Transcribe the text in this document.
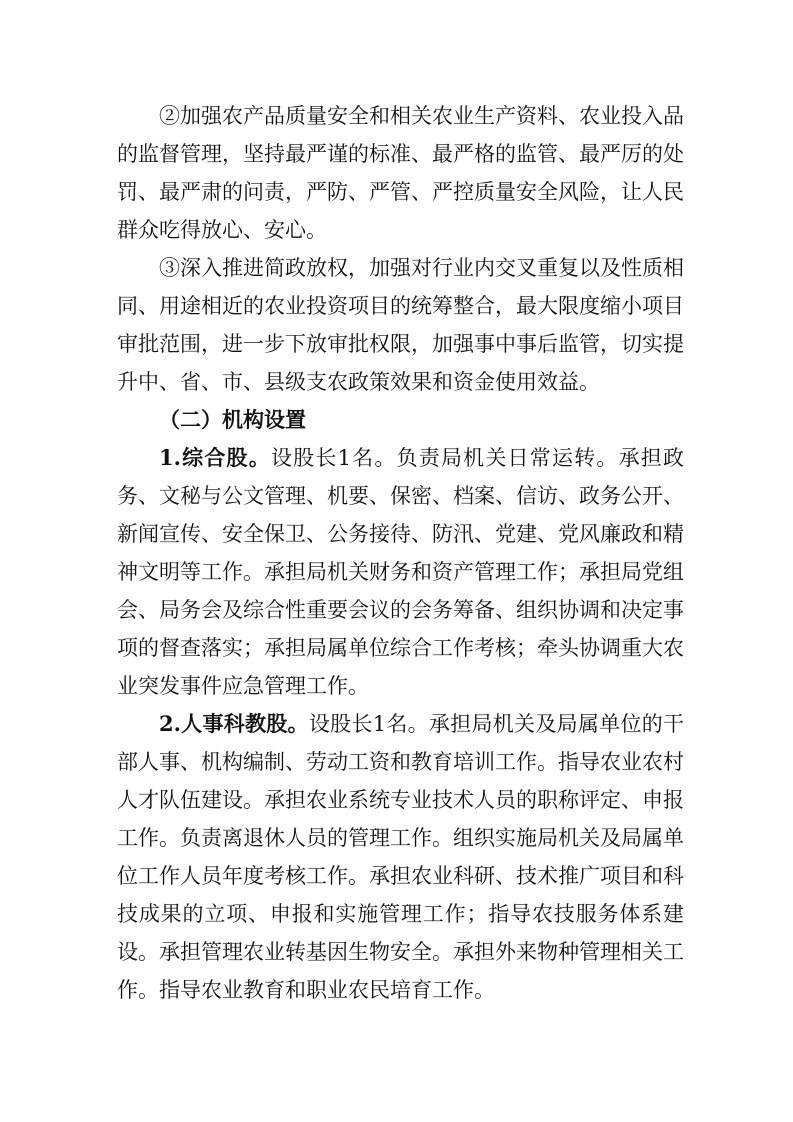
②加强农产品质量安全和相关农业生产资料、农业投入品的监督管理，坚持最严谨的标准、最严格的监管、最严厉的处罚、最严肃的问责，严防、严管、严控质量安全风险，让人民群众吃得放心、安心。

③深入推进简政放权，加强对行业内交叉重复以及性质相同、用途相近的农业投资项目的统筹整合，最大限度缩小项目审批范围，进一步下放审批权限，加强事中事后监管，切实提升中、省、市、县级支农政策效果和资金使用效益。

（二）机构设置

1.综合股。设股长1名。负责局机关日常运转。承担政务、文秘与公文管理、机要、保密、档案、信访、政务公开、新闻宣传、安全保卫、公务接待、防汛、党建、党风廉政和精神文明等工作。承担局机关财务和资产管理工作；承担局党组会、局务会及综合性重要会议的会务筹备、组织协调和决定事项的督查落实；承担局属单位综合工作考核；牵头协调重大农业突发事件应急管理工作。

2.人事科教股。设股长1名。承担局机关及局属单位的干部人事、机构编制、劳动工资和教育培训工作。指导农业农村人才队伍建设。承担农业系统专业技术人员的职称评定、申报工作。负责离退休人员的管理工作。组织实施局机关及局属单位工作人员年度考核工作。承担农业科研、技术推广项目和科技成果的立项、申报和实施管理工作；指导农技服务体系建设。承担管理农业转基因生物安全。承担外来物种管理相关工作。指导农业教育和职业农民培育工作。
